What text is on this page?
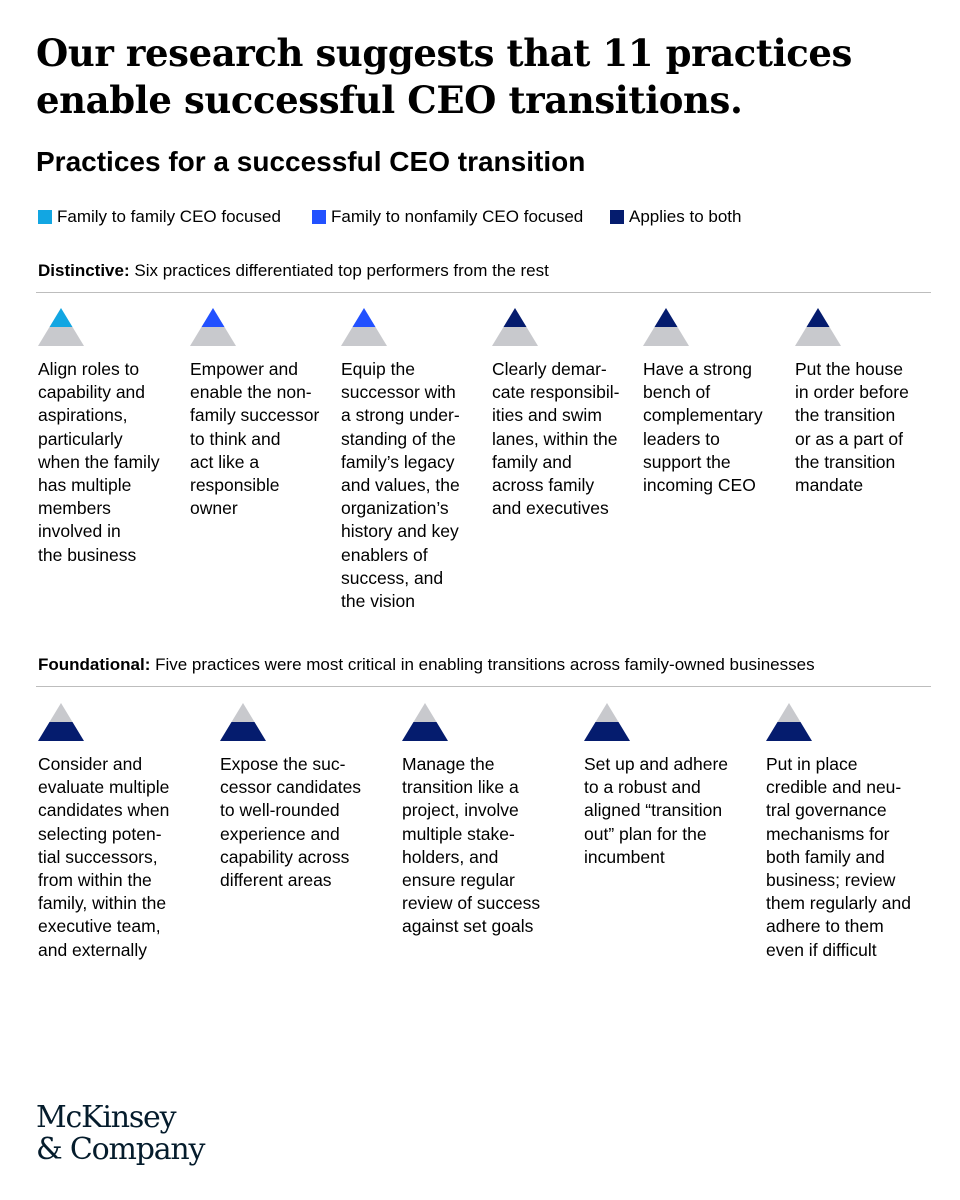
Our research suggests that 11 practices enable successful CEO transitions.
Practices for a successful CEO transition
Family to family CEO focused	Family to nonfamily CEO focused	Applies to both
Distinctive: Six practices differentiated top performers from the rest
Align roles to
capability and
aspirations,
particularly
when the family
has multiple
members
involved in
the business
Empower and
enable the non-
family successor
to think and
act like a
responsible
owner
Equip the
successor with
a strong under-
standing of the
family’s legacy
and values, the
organization’s
history and key
enablers of
success, and
the vision
Clearly demar-
cate responsibil-
ities and swim
lanes, within the
family and
across family
and executives
Have a strong
bench of
complementary
leaders to
support the
incoming CEO
Put the house
in order before
the transition
or as a part of
the transition
mandate
Foundational: Five practices were most critical in enabling transitions across family-owned businesses
Consider and
evaluate multiple
candidates when
selecting poten-
tial successors,
from within the
family, within the
executive team,
and externally
Expose the suc-
cessor candidates
to well-rounded
experience and
capability across
different areas
Manage the
transition like a
project, involve
multiple stake-
holders, and
ensure regular
review of success
against set goals
Set up and adhere
to a robust and
aligned “transition
out” plan for the
incumbent
Put in place
credible and neu-
tral governance
mechanisms for
both family and
business; review
them regularly and
adhere to them
even if difficult
McKinsey
& Company
